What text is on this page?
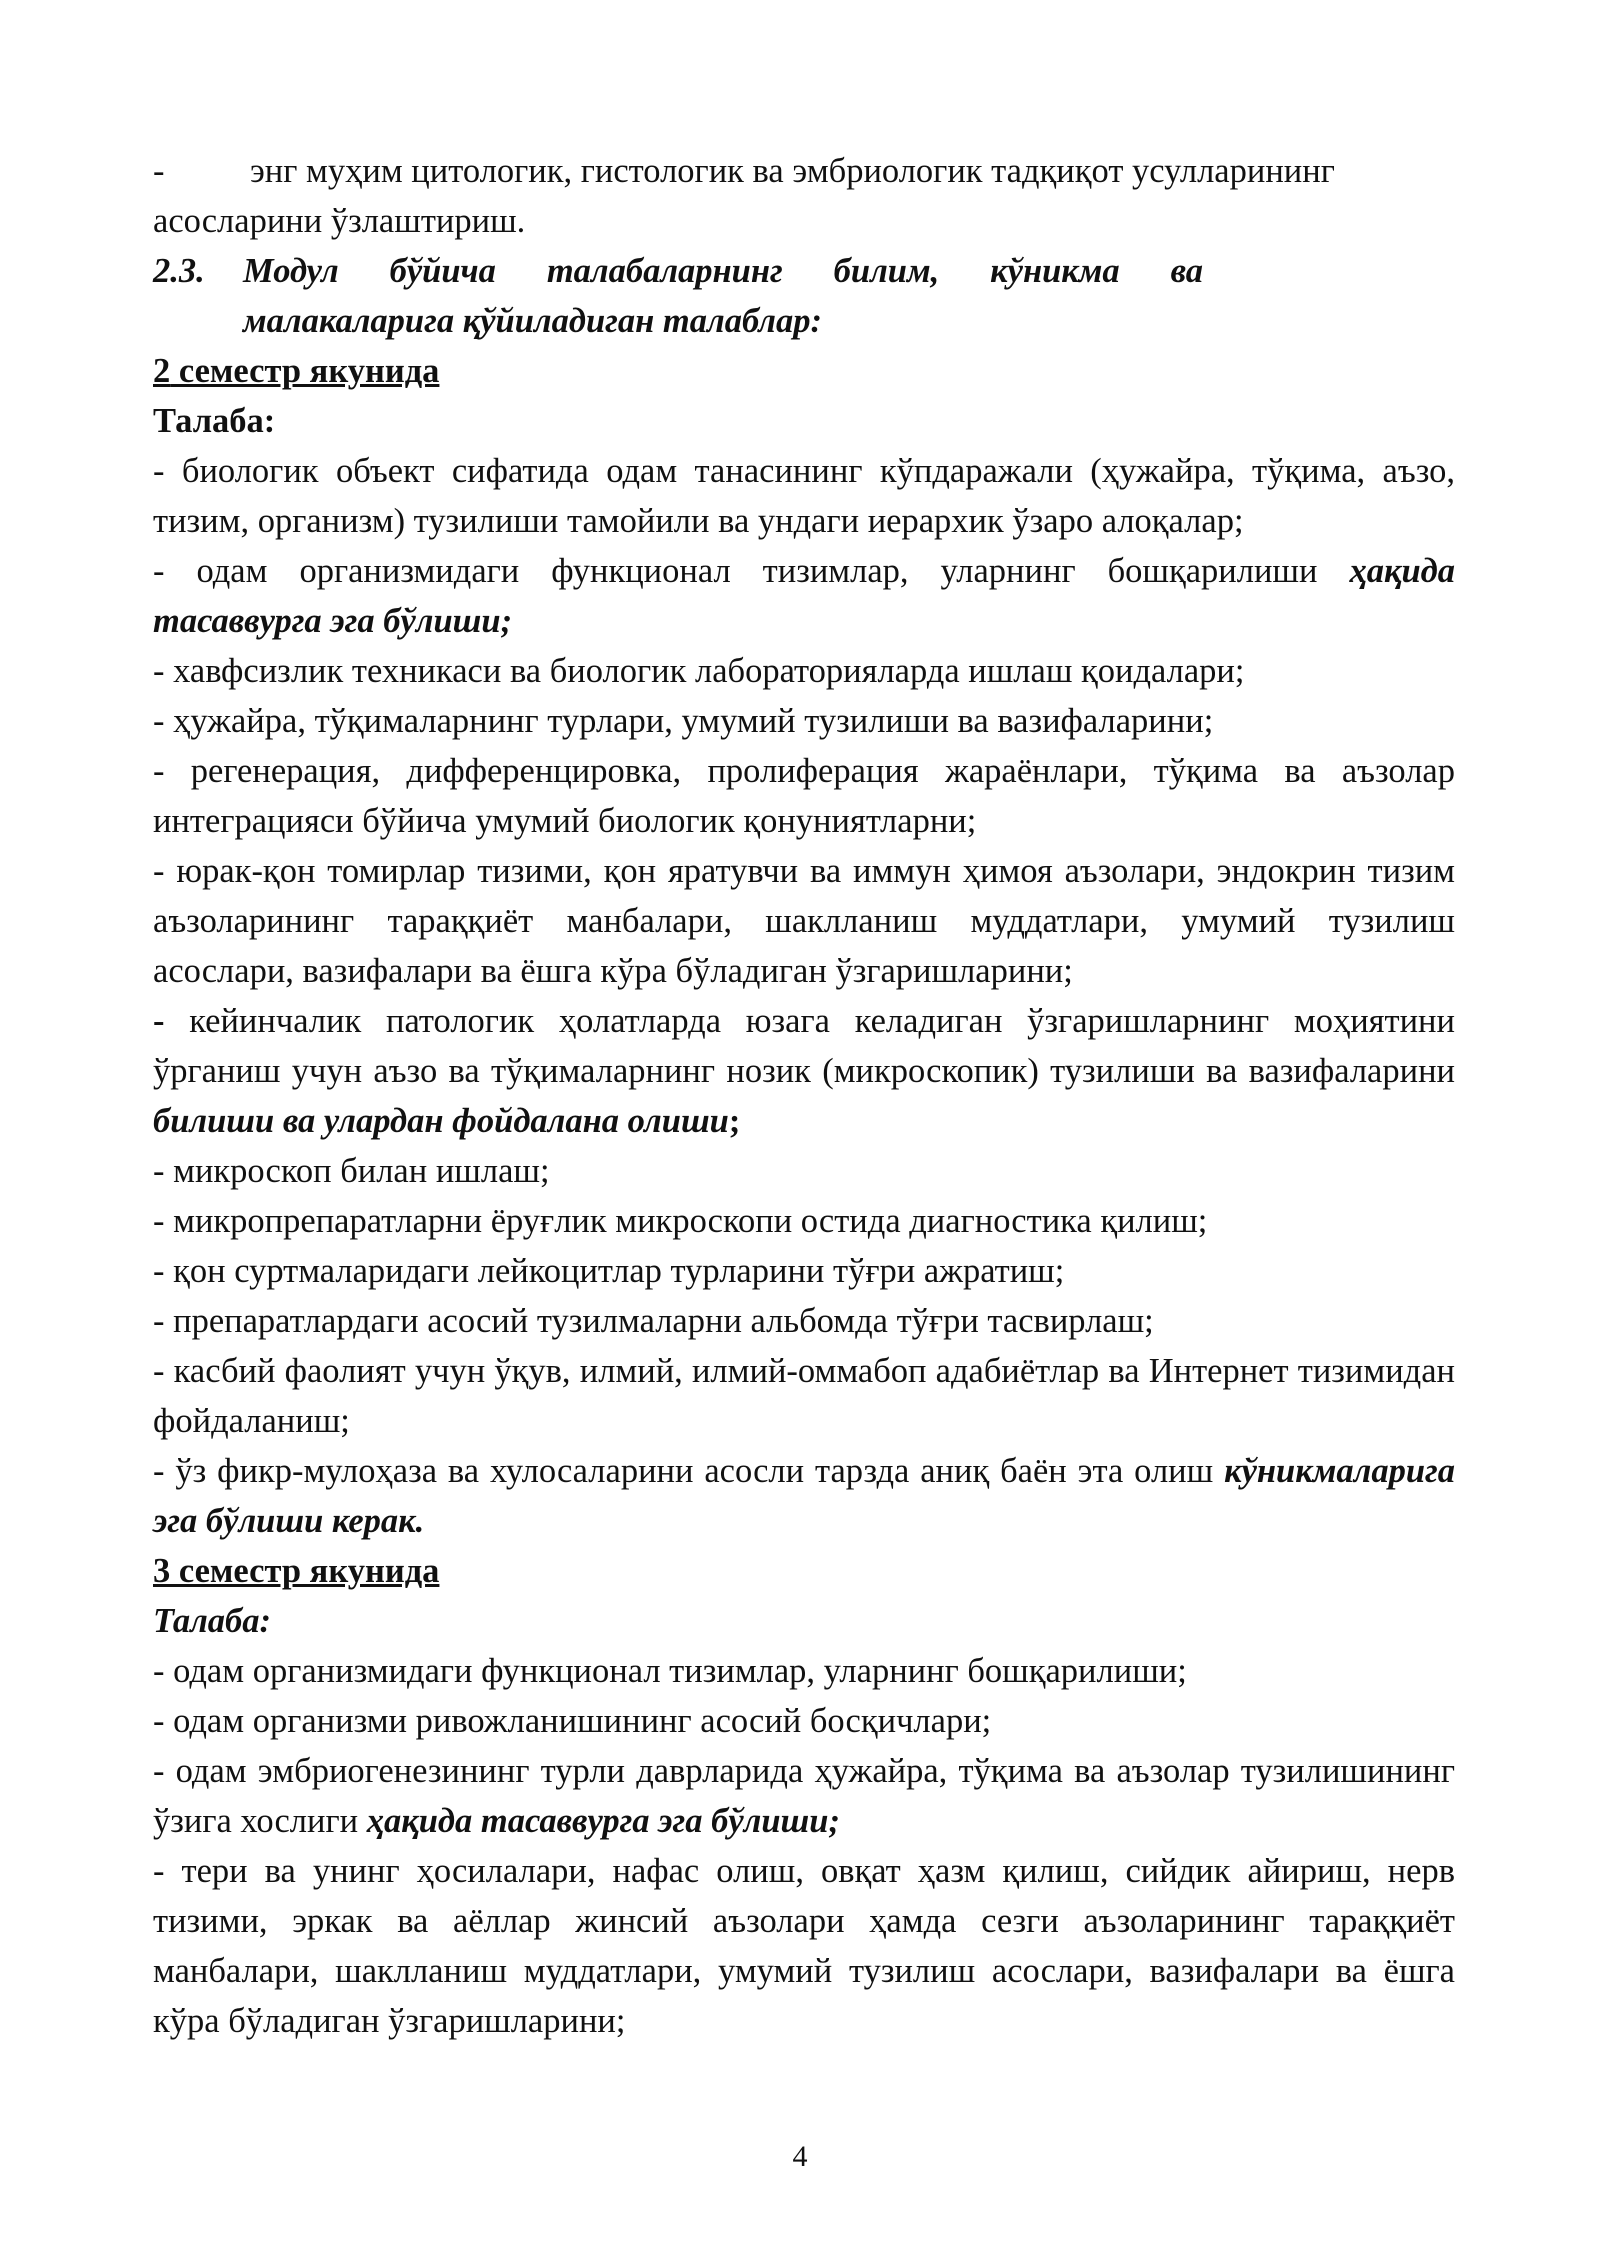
-	энг муҳим цитологик, гистологик ва эмбриологик тадқиқот усулларининг

асосларини ўзлаштириш.

2.3.	Модул бўйича талабаларнинг билим, кўникма ва
малакаларига қўйиладиган талаблар:

2 семестр якунида

Талаба:

- биологик объект сифатида одам танасининг кўпдаражали (ҳужайра, тўқима, аъзо, тизим, организм) тузилиши тамойили ва ундаги иерархик ўзаро алоқалар;

- одам организмидаги функционал тизимлар, уларнинг бошқарилиши ҳақида тасаввурга эга бўлиши;

- хавфсизлик техникаси ва биологик лабораторияларда ишлаш қоидалари;

- ҳужайра, тўқималарнинг турлари, умумий тузилиши ва вазифаларини;

- регенерация, дифференцировка, пролиферация жараёнлари, тўқима ва аъзолар интеграцияси бўйича умумий биологик қонуниятларни;

- юрак-қон томирлар тизими, қон яратувчи ва иммун ҳимоя аъзолари, эндокрин тизим аъзоларининг тараққиёт манбалари, шаклланиш муддатлари, умумий тузилиш асослари, вазифалари ва ёшга кўра бўладиган ўзгаришларини;

- кейинчалик патологик ҳолатларда юзага келадиган ўзгаришларнинг моҳиятини ўрганиш учун аъзо ва тўқималарнинг нозик (микроскопик) тузилиши ва вазифаларини билиши ва улардан фойдалана олиши;

- микроскоп билан ишлаш;

- микропрепаратларни ёруғлик микроскопи остида диагностика қилиш;

- қон суртмаларидаги лейкоцитлар турларини тўғри ажратиш;

- препаратлардаги асосий тузилмаларни альбомда тўғри тасвирлаш;

- касбий фаолият учун ўқув, илмий, илмий-оммабоп адабиётлар ва Интернет тизимидан фойдаланиш;

- ўз фикр-мулоҳаза ва хулосаларини асосли тарзда аниқ баён эта олиш кўникмаларига эга бўлиши керак.

3 семестр якунида

Талаба:

- одам организмидаги функционал тизимлар, уларнинг бошқарилиши;

- одам организми ривожланишининг асосий босқичлари;

- одам эмбриогенезининг турли даврларида ҳужайра, тўқима ва аъзолар тузилишининг ўзига хослиги ҳақида тасаввурга эга бўлиши;

- тери ва унинг ҳосилалари, нафас олиш, овқат ҳазм қилиш, сийдик айириш, нерв тизими, эркак ва аёллар жинсий аъзолари ҳамда сезги аъзоларининг тараққиёт манбалари, шаклланиш муддатлари, умумий тузилиш асослари, вазифалари ва ёшга кўра бўладиган ўзгаришларини;

4
